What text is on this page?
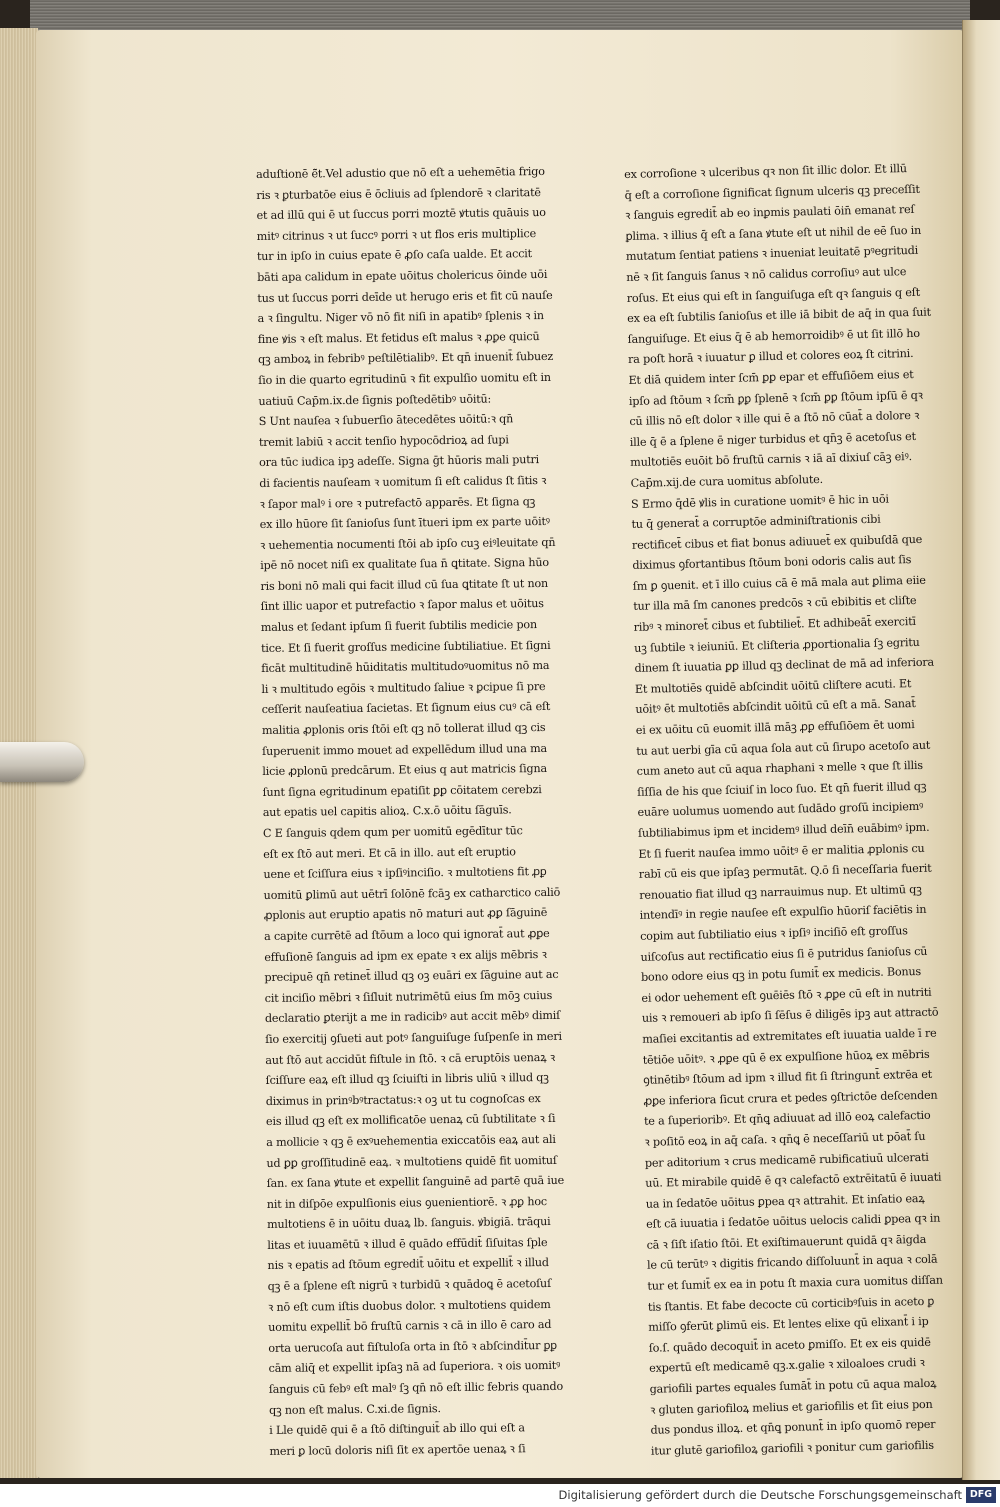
aduſtionē ē̃t.Vel adustio que nō eſt a uehemētia frigo
ris ꝛ ꝑturbatōe eius ē ōcliuis ad ſplendorē ꝛ claritatē
et ad illū qui ē ut ſuccus porri moztē ꝟtutis quāuis uo
mitꝰ citrinus ꝛ ut ſuccꝰ porri ꝛ ut flos eris multiplice
tur in ipſo in cuius epate ē ꝓſo caſa ualde. Et accit
bāti apa calidum in epate uōitus cholericus ōinde uōi
tus ut ſuccus porri deīde ut herugo eris et fit cū nauſe
a ꝛ ſingultu. Niger vō nō fit niſi in apatibꝰ ſplenis ꝛ in
fine ꝟis ꝛ eſt malus. Et fetidus eſt malus ꝛ ꝓꝑe quicū
qꝫ amboꝝ in febribꝰ peſtilētialibꝰ. Et qn̄ inuenit̄ ſubuez
ſio in die quarto egritudinū ꝛ fit expulſio uomitu eſt in
uatiuū Cap̄m.ix.de ſignis poſtedētibꝰ uōitū:
S Unt nauſea ꝛ ſubuerſio ātecedētes uōitū:ꝛ qn̄
tremit labiū ꝛ accit tenſio hypocōdrioꝝ ad ſupi
ora tūc iudica ipꝫ adeſſe. Signa ḡt hūoris mali putri
di facientis nauſeam ꝛ uomitum ſi eſt calidus ſt ſitis ꝛ
ꝛ ſapor malꝰ i ore ꝛ putrefactō apparēs. Et ſigna qꝫ
ex illo hūore ſit ſanioſus ſunt ītueri ipm ex parte uōitꝰ
ꝛ uehementia nocumenti ſtōi ab ipſo cuꝫ eiꝰleuitate qn̄
ipē nō nocet niſi ex qualitate ſua n̄ ꝗtitate. Signa hūo
ris boni nō mali qui facit illud cū ſua ꝗtitate ſt ut non
ſint illic uapor et putrefactio ꝛ ſapor malus et uōitus
malus et ſedant ipſum ſi fuerit ſubtilis medicie pon
tice. Et ſi fuerit groſſus medicine ſubtiliatiue. Et ſigni
ficāt multitudinē hūiditatis multitudoꝰuomitus nō ma
li ꝛ multitudo egōis ꝛ multitudo ſaliue ꝛ ꝑcipue ſi pre
ceſſerit nauſeatiua ſacietas. Et ſignum eius cuꝰ cā eſt
malitia ꝓplonis oris ſtōi eſt qꝫ nō tollerat illud qꝫ cis
ſuperuenit immo mouet ad expellēdum illud una ma
licie ꝓplonū predcārum. Et eius q aut matricis ſigna
ſunt ſigna egritudinum epatiſit ꝑꝑ cōitatem cerebzi
aut epatis uel capitis alioꝝ. C.x.ō uōitu ſāguīs.
C E ſanguis qdem qum per uomitū egēdītur tūc
eſt ex ſtō aut meri. Et cā in illo. aut eſt eruptio
uene et ſciſſura eius ꝛ ipſiꝰinciſio. ꝛ multotiens fit ꝓꝑ
uomitū ꝑlimū aut uētrī ſolōnē fcāꝫ ex catharctico caliō
ꝓplonis aut eruptio apatis nō maturi aut ꝓꝑ ſāguinē
a capite currētē ad ſtōum a loco qui ignorat̄ aut ꝓꝑe
effuſionē ſanguis ad ipm ex epate ꝛ ex alijs mēbris ꝛ
precipuē qn̄ retinet̄ illud qꝫ oꝫ euāri ex ſāguine aut ac
cit inciſio mēbri ꝛ ſiſluit nutrimētū eius ſm mōꝫ cuius
declaratio ꝑterijt a me in radicibꝰ aut accit mēbꝰ dimiſ
ſio exercitij ꝯſueti aut potꝰ ſanguiſuge ſuſpenſe in meri
aut ſtō aut accidūt fiſtule in ſtō. ꝛ cā eruptōis uenaꝝ ꝛ
ſciſſure eaꝝ eſt illud qꝫ ſciuiſti in libris uliū ꝛ illud qꝫ
diximus in prinꝰbꝰtractatus:ꝛ oꝫ ut tu cognoſcas ex
eis illud qꝫ eſt ex mollificatōe uenaꝝ cū ſubtilitate ꝛ ſi
a mollicie ꝛ qꝫ ē exꝰuehementia exiccatōis eaꝝ aut ali
ud ꝑꝑ groſſitudinē eaꝝ. ꝛ multotiens quidē fit uomituſ
ſan. ex ſana ꝟtute et expellit ſanguinē ad partē quā iue
nit in diſpōe expulſionis eius ꝯuenientiorē. ꝛ ꝓꝑ hoc
multotiens ē in uōitu duaꝝ lb. ſanguis. ꝟbigiā. trāqui
litas et iuuamētū ꝛ illud ē quādo effūdit̄ ſiſuitas ſple
nis ꝛ epatis ad ſtōum egredit̄ uōitu et expellit̄ ꝛ illud
qꝫ ē a ſplene eſt nigrū ꝛ turbidū ꝛ quādoꝗ ē acetoſuſ
ꝛ nō eſt cum iſtis duobus dolor. ꝛ multotiens quidem
uomitu expellit̄ bō fruſtū carnis ꝛ cā in illo ē caro ad
orta uerucoſa aut fiſtuloſa orta in ſtō ꝛ abſcindit̄ur ꝑꝑ
cām aliq̄ et expellit ipſaꝫ nā ad ſuperiora. ꝛ ois uomitꝰ
ſanguis cū febꝰ eſt malꝰ ſꝫ qn̄ nō eſt illic febris quando
qꝫ non eſt malus. C.xi.de ſignis.
i Lle quidē qui ē a ſtō diſtinguit̄ ab illo qui eſt a
meri ꝑ locū doloris niſi ſit ex apertōe uenaꝝ ꝛ ſi
ex corroſione ꝛ ulceribus qꝛ non ſit illic dolor. Et illū
q̄ eſt a corroſione ſignificat ſignum ulceris qꝫ preceſſit
ꝛ ſanguis egredit̄ ab eo inꝑmis paulati ōin̄ emanat reſ
ꝑlima. ꝛ illius q̄ eſt a ſana ꝟtute eſt ut nihil de eē ſuo in
mutatum ſentiat patiens ꝛ inueniat leuitatē pꝰegritudi
nē ꝛ ſit ſanguis ſanus ꝛ nō calidus corroſiuꝰ aut ulce
roſus. Et eius qui eſt in ſanguiſuga eſt qꝛ ſanguis q eſt
ex ea eſt ſubtilis ſanioſus et ille iā bibit de aq̄ in qua ſuit
ſanguiſuge. Et eius q̄ ē ab hemorroidibꝰ ē ut ſit illō ho
ra poſt horā ꝛ iuuatur ꝑ illud et colores eoꝝ ſt citrini.
Et diā quidem inter ſcm̄ ꝑꝑ epar et effuſiōem eius et
ipſo ad ſtōum ꝛ ſcm̄ ꝑꝑ ſplenē ꝛ ſcm̄ ꝑꝑ ſtōum ipſū ē qꝛ
cū illis nō eſt dolor ꝛ ille qui ē a ſtō nō cūat̄ a dolore ꝛ
ille q̄ ē a ſplene ē niger turbidus et qn̄ꝫ ē acetoſus et
multotiēs euōit bō fruſtū carnis ꝛ iā aī dixiuſ cāꝫ eiꝰ.
Cap̄m.xij.de cura uomitus abſolute.
S Ermo q̄dē ꝟlis in curatione uomitꝰ ē hic in uōi
tu q̄ generat̄ a corruptōe adminiſtrationis cibi
rectificet̄ cibus et fiat bonus adiuuet̄ ex quibuſdā que
diximus ꝯfortantibus ſtōum boni odoris calis aut ſis
ſm ꝑ ꝯuenit. et ī illo cuius cā ē mā mala aut ꝑlima eiie
tur illa mā ſm canones predcōs ꝛ cū ebibitis et cliſte
ribꝰ ꝛ minoret̄ cibus et ſubtiliet̄. Et adhibeāt̄ exercitī
uꝫ ſubtile ꝛ ieiuniū. Et cliſteria ꝓportionalia ſꝫ egritu
dinem ſt iuuatia ꝑꝑ illud qꝫ declinat de mā ad inferiora
Et multotiēs quidē abſcindit uōitū cliſtere acuti. Et
uōitꝰ ēt multotiēs abſcindit uōitū cū eſt a mā. Sanat̄
ei ex uōitu cū euomit illā māꝫ ꝓꝑ effuſiōem ēt uomi
tu aut uerbi gīa cū aqua ſola aut cū ſirupo acetoſo aut
cum aneto aut cū aqua rhaphani ꝛ melle ꝛ que ſt illis
ſiſſia de his que ſciuiſ in loco ſuo. Et qn̄ fuerit illud qꝫ
euāre uolumus uomendo aut ſudādo groſū incipiemꝰ
ſubtiliabimus ipm et incidemꝰ illud deīn̄ euābimꝰ ipm.
Et ſi fuerit nauſea immo uōitꝰ ē er malitia ꝓplonis cu
rabī cū eis que ipſaꝫ permutāt. Q.ō ſi neceſſaria fuerit
renouatio fiat illud qꝫ narrauimus nup. Et ultimū qꝫ
intendīꝰ in regie nauſee eſt expulſio hūoriſ faciētis in
copim aut ſubtiliatio eius ꝛ ipſiꝰ inciſiō eſt groſſus
uiſcoſus aut rectificatio eius ſi ē putridus ſanioſus cū
bono odore eius qꝫ in potu ſumit̄ ex medicis. Bonus
ei odor uehement eſt ꝯuēiēs ſtō ꝛ ꝓꝑe cū eſt in nutriti
uis ꝛ remoueri ab ipſo ſi ſēſus ē diligēs ipꝫ aut attractō
maſiei excitantis ad extremitates eſt iuuatia ualde ī re
tētiōe uōitꝰ. ꝛ ꝓꝑe qū ē ex expulſione hūoꝝ ex mēbris
ꝯtinētibꝰ ſtōum ad ipm ꝛ illud fit ſi ſtringunt̄ extrēa et
ꝓꝑe inferiora ſicut crura et pedes ꝯſtrictōe deſcenden
te a ſuperioribꝰ. Et qn̄ꝗ adiuuat ad illō eoꝝ calefactio
ꝛ poſitō eoꝝ in aq̄ caſa. ꝛ qn̄ꝗ ē neceſſariū ut pōat̄ ſu
per aditorium ꝛ crus medicamē rubificatiuū ulcerati
uū. Et mirabile quidē ē qꝛ calefactō extrēitatū ē iuuati
ua in ſedatōe uōitus ꝑpea qꝛ attrahit. Et inſatio eaꝝ
eſt cā iuuatia i ſedatōe uōitus uelocis calidi ꝑpea qꝛ in
cā ꝛ ſiſt iſatio ſtōi. Et exiſtimauerunt quidā qꝛ āigda
le cū terūtꝰ ꝛ digitis fricando diſſoluunt̄ in aqua ꝛ colā
tur et ſumit̄ ex ea in potu ſt maxia cura uomitus diſſan
tis ſtantis. Et fabe decocte cū corticibꝰſuis in aceto ꝑ
miſſo ꝯferūt ꝑlimū eis. Et lentes elixe qū elixant̄ i ip
ſo.ſ. quādo decoquit̄ in aceto ꝑmiſſo. Et ex eis quidē
expertū eſt medicamē qꝫ.x.galie ꝛ xiloaloes crudi ꝛ
gariofili partes equales ſumāt̄ in potu cū aqua maloꝝ
ꝛ gluten gariofiloꝝ melius et gariofilis et ſit eius pon
dus pondus illoꝝ. et qn̄ꝗ ponunt̄ in ipſo quomō reper
itur glutē gariofiloꝝ gariofili ꝛ ponitur cum gariofilis
Digitalisierung gefördert durch die Deutsche Forschungsgemeinschaft DFG
